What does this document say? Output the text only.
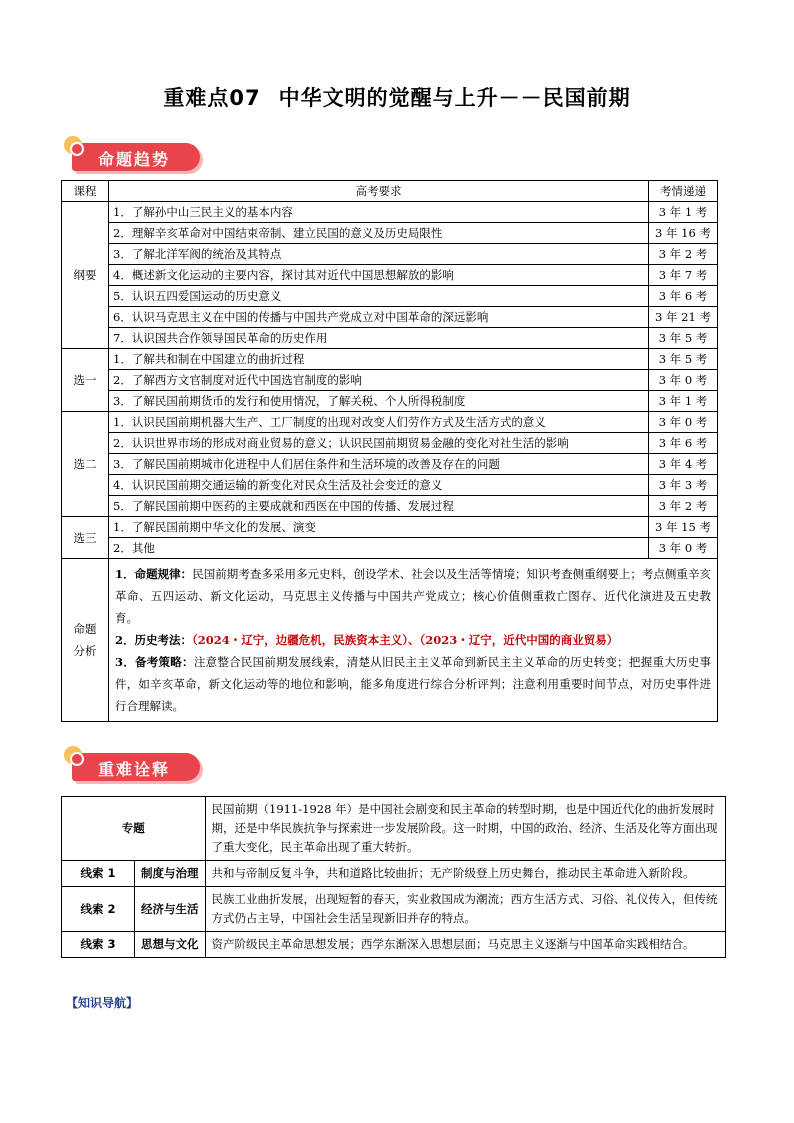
重难点07 中华文明的觉醒与上升－－民国前期
命题趋势
课程	高考要求	考情递递
纲要	1．了解孙中山三民主义的基本内容	3 年 1 考
	2．理解辛亥革命对中国结束帝制、建立民国的意义及历史局限性	3 年 16 考
	3．了解北洋军阀的统治及其特点	3 年 2 考
	4．概述新文化运动的主要内容，探讨其对近代中国思想解放的影响	3 年 7 考
	5．认识五四爱国运动的历史意义	3 年 6 考
	6．认识马克思主义在中国的传播与中国共产党成立对中国革命的深远影响	3 年 21 考
	7．认识国共合作领导国民革命的历史作用	3 年 5 考
选一	1．了解共和制在中国建立的曲折过程	3 年 5 考
	2．了解西方文官制度对近代中国选官制度的影响	3 年 0 考
	3．了解民国前期货币的发行和使用情况，了解关税、个人所得税制度	3 年 1 考
选二	1．认识民国前期机器大生产、工厂制度的出现对改变人们劳作方式及生活方式的意义	3 年 0 考
	2．认识世界市场的形成对商业贸易的意义；认识民国前期贸易金融的变化对社生活的影响	3 年 6 考
	3．了解民国前期城市化进程中人们居住条件和生活环境的改善及存在的问题	3 年 4 考
	4．认识民国前期交通运输的新变化对民众生活及社会变迁的意义	3 年 3 考
	5．了解民国前期中医药的主要成就和西医在中国的传播、发展过程	3 年 2 考
选三	1．了解民国前期中华文化的发展、演变	3 年 15 考
	2．其他	3 年 0 考
命题分析	1．命题规律：民国前期考查多采用多元史料，创设学术、社会以及生活等情境；知识考查侧重纲要上；考点侧重辛亥革命、五四运动、新文化运动，马克思主义传播与中国共产党成立；核心价值侧重救亡图存、近代化演进及五史教育。
2．历史考法：（2024・辽宁，边疆危机，民族资本主义）、（2023・辽宁，近代中国的商业贸易）
3．备考策略：注意整合民国前期发展线索，清楚从旧民主主义革命到新民主主义革命的历史转变；把握重大历史事件，如辛亥革命，新文化运动等的地位和影响，能多角度进行综合分析评判；注意利用重要时间节点，对历史事件进行合理解读。	
重难诠释
专题		民国前期（1911-1928 年）是中国社会剧变和民主革命的转型时期，也是中国近代化的曲折发展时期，还是中华民族抗争与探索进一步发展阶段。这一时期，中国的政治、经济、生活及化等方面出现了重大变化，民主革命出现了重大转折。
线索 1	制度与治理	共和与帝制反复斗争，共和道路比较曲折；无产阶级登上历史舞台，推动民主革命进入新阶段。
线索 2	经济与生活	民族工业曲折发展，出现短暂的春天，实业救国成为潮流；西方生活方式、习俗、礼仪传入，但传统方式仍占主导，中国社会生活呈现新旧并存的特点。
线索 3	思想与文化	资产阶级民主革命思想发展；西学东渐深入思想层面；马克思主义逐渐与中国革命实践相结合。
【知识导航】
